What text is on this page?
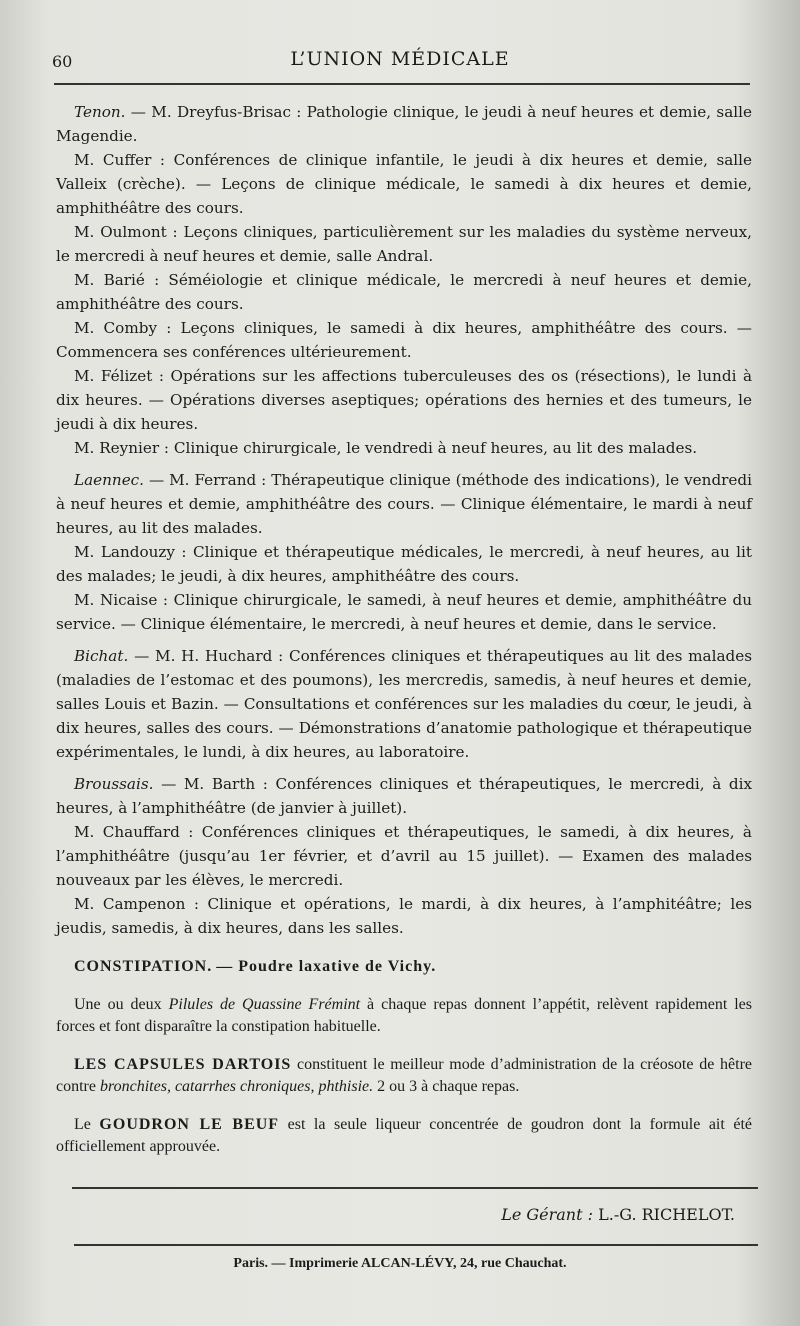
60	L’UNION MÉDICALE

Tenon. — M. Dreyfus-Brisac : Pathologie clinique, le jeudi à neuf heures et demie, salle Magendie.

M. Cuffer : Conférences de clinique infantile, le jeudi à dix heures et demie, salle Valleix (crèche). — Leçons de clinique médicale, le samedi à dix heures et demie, amphithéâtre des cours.

M. Oulmont : Leçons cliniques, particulièrement sur les maladies du système nerveux, le mercredi à neuf heures et demie, salle Andral.

M. Barié : Séméiologie et clinique médicale, le mercredi à neuf heures et demie, amphithéâtre des cours.

M. Comby : Leçons cliniques, le samedi à dix heures, amphithéâtre des cours. — Commencera ses conférences ultérieurement.

M. Félizet : Opérations sur les affections tuberculeuses des os (résections), le lundi à dix heures. — Opérations diverses aseptiques; opérations des hernies et des tumeurs, le jeudi à dix heures.

M. Reynier : Clinique chirurgicale, le vendredi à neuf heures, au lit des malades.

Laennec. — M. Ferrand : Thérapeutique clinique (méthode des indications), le vendredi à neuf heures et demie, amphithéâtre des cours. — Clinique élémentaire, le mardi à neuf heures, au lit des malades.

M. Landouzy : Clinique et thérapeutique médicales, le mercredi, à neuf heures, au lit des malades; le jeudi, à dix heures, amphithéâtre des cours.

M. Nicaise : Clinique chirurgicale, le samedi, à neuf heures et demie, amphithéâtre du service. — Clinique élémentaire, le mercredi, à neuf heures et demie, dans le service.

Bichat. — M. H. Huchard : Conférences cliniques et thérapeutiques au lit des malades (maladies de l’estomac et des poumons), les mercredis, samedis, à neuf heures et demie, salles Louis et Bazin. — Consultations et conférences sur les maladies du cœur, le jeudi, à dix heures, salles des cours. — Démonstrations d’anatomie pathologique et thérapeutique expérimentales, le lundi, à dix heures, au laboratoire.

Broussais. — M. Barth : Conférences cliniques et thérapeutiques, le mercredi, à dix heures, à l’amphithéâtre (de janvier à juillet).

M. Chauffard : Conférences cliniques et thérapeutiques, le samedi, à dix heures, à l’amphithéâtre (jusqu’au 1er février, et d’avril au 15 juillet). — Examen des malades nouveaux par les élèves, le mercredi.

M. Campenon : Clinique et opérations, le mardi, à dix heures, à l’amphitéâtre; les jeudis, samedis, à dix heures, dans les salles.

CONSTIPATION. — Poudre laxative de Vichy.

Une ou deux Pilules de Quassine Frémint à chaque repas donnent l’appétit, relèvent rapidement les forces et font disparaître la constipation habituelle.

LES CAPSULES DARTOIS constituent le meilleur mode d’administration de la créosote de hêtre contre bronchites, catarrhes chroniques, phthisie. 2 ou 3 à chaque repas.

Le GOUDRON LE BEUF est la seule liqueur concentrée de goudron dont la formule ait été officiellement approuvée.

Le Gérant : L.-G. RICHELOT.
Paris. — Imprimerie ALCAN-LÉVY, 24, rue Chauchat.
